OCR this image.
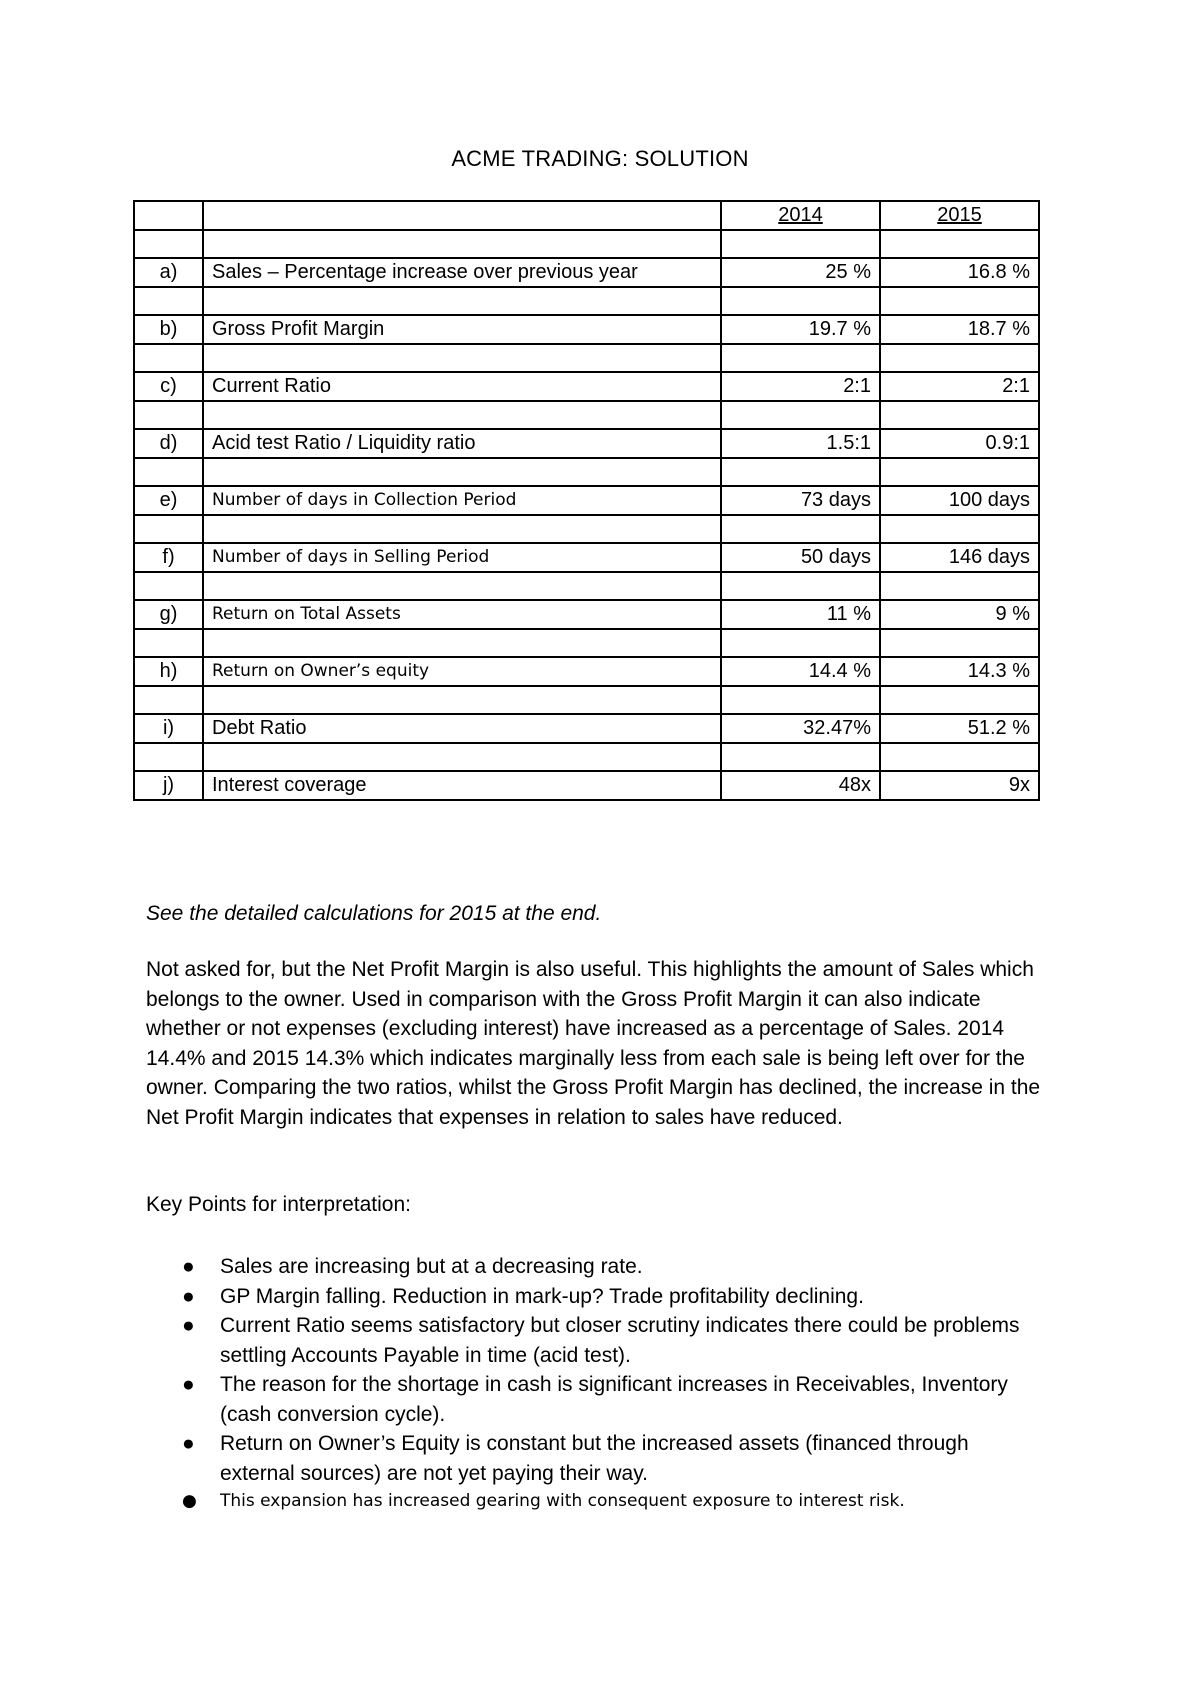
ACME TRADING: SOLUTION
		2014	2015

a)	Sales – Percentage increase over previous year	25 %	16.8 %

b)	Gross Profit Margin	19.7 %	18.7 %

c)	Current Ratio	2:1	2:1

d)	Acid test Ratio / Liquidity ratio	1.5:1	0.9:1

e)	Number of days in Collection Period	73 days	100 days

f)	Number of days in Selling Period	50 days	146 days

g)	Return on Total Assets	11 %	9 %

h)	Return on Owner’s equity	14.4 %	14.3 %

i)	Debt Ratio	32.47%	51.2 %

j)	Interest coverage	48x	9x
See the detailed calculations for 2015 at the end.

Not asked for, but the Net Profit Margin is also useful. This highlights the amount of Sales which belongs to the owner. Used in comparison with the Gross Profit Margin it can also indicate whether or not expenses (excluding interest) have increased as a percentage of Sales. 2014 14.4% and 2015 14.3% which indicates marginally less from each sale is being left over for the owner. Comparing the two ratios, whilst the Gross Profit Margin has declined, the increase in the Net Profit Margin indicates that expenses in relation to sales have reduced.

Key Points for interpretation:
● Sales are increasing but at a decreasing rate.
● GP Margin falling. Reduction in mark-up? Trade profitability declining.
● Current Ratio seems satisfactory but closer scrutiny indicates there could be problems settling Accounts Payable in time (acid test).
● The reason for the shortage in cash is significant increases in Receivables, Inventory (cash conversion cycle).
● Return on Owner’s Equity is constant but the increased assets (financed through external sources) are not yet paying their way.
● This expansion has increased gearing with consequent exposure to interest risk.
